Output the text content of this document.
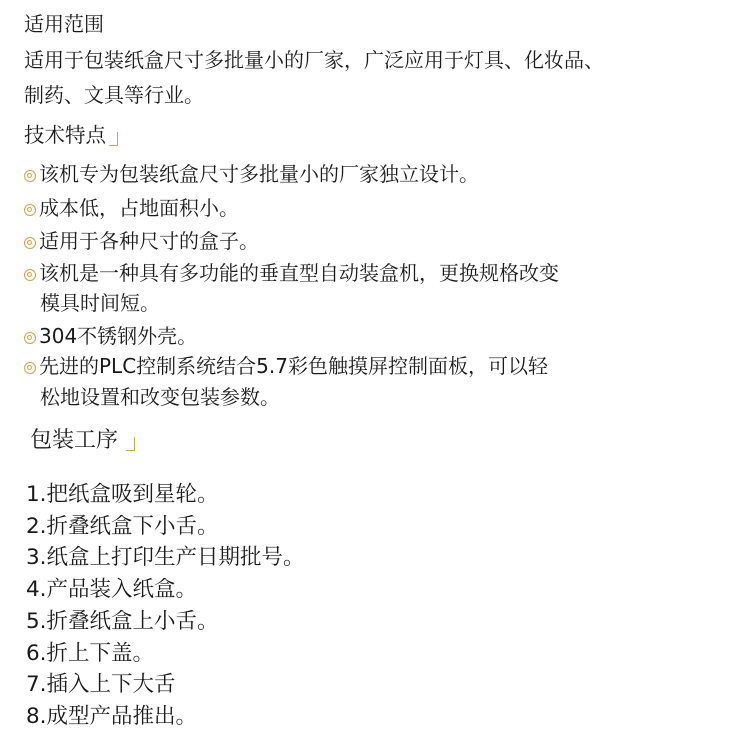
适用范围
适用于包装纸盒尺寸多批量小的厂家，广泛应用于灯具、化妆品、
制药、文具等行业。
技术特点
该机专为包装纸盒尺寸多批量小的厂家独立设计。
成本低，占地面积小。
适用于各种尺寸的盒子。
该机是一种具有多功能的垂直型自动装盒机，更换规格改变
模具时间短。
304不锈钢外壳。
先进的PLC控制系统结合5.7彩色触摸屏控制面板，可以轻
松地设置和改变包装参数。
包装工序
1.把纸盒吸到星轮。
2.折叠纸盒下小舌。
3.纸盒上打印生产日期批号。
4.产品装入纸盒。
5.折叠纸盒上小舌。
6.折上下盖。
7.插入上下大舌
8.成型产品推出。
